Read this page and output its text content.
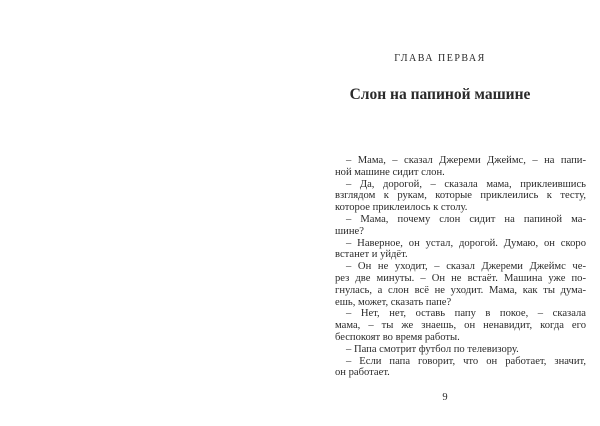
ГЛАВА ПЕРВАЯ
Слон на папиной машине
– Мама, – сказал Джереми Джеймс, – на папи-
ной машине сидит слон.
– Да, дорогой, – сказала мама, приклеившись
взглядом к рукам, которые приклеились к тесту,
которое приклеилось к столу.
– Мама, почему слон сидит на папиной ма-
шине?
– Наверное, он устал, дорогой. Думаю, он скоро
встанет и уйдёт.
– Он не уходит, – сказал Джереми Джеймс че-
рез две минуты. – Он не встаёт. Машина уже по-
гнулась, а слон всё не уходит. Мама, как ты дума-
ешь, может, сказать папе?
– Нет, нет, оставь папу в покое, – сказала
мама, – ты же знаешь, он ненавидит, когда его
беспокоят во время работы.
– Папа смотрит футбол по телевизору.
– Если папа говорит, что он работает, значит,
он работает.
9
